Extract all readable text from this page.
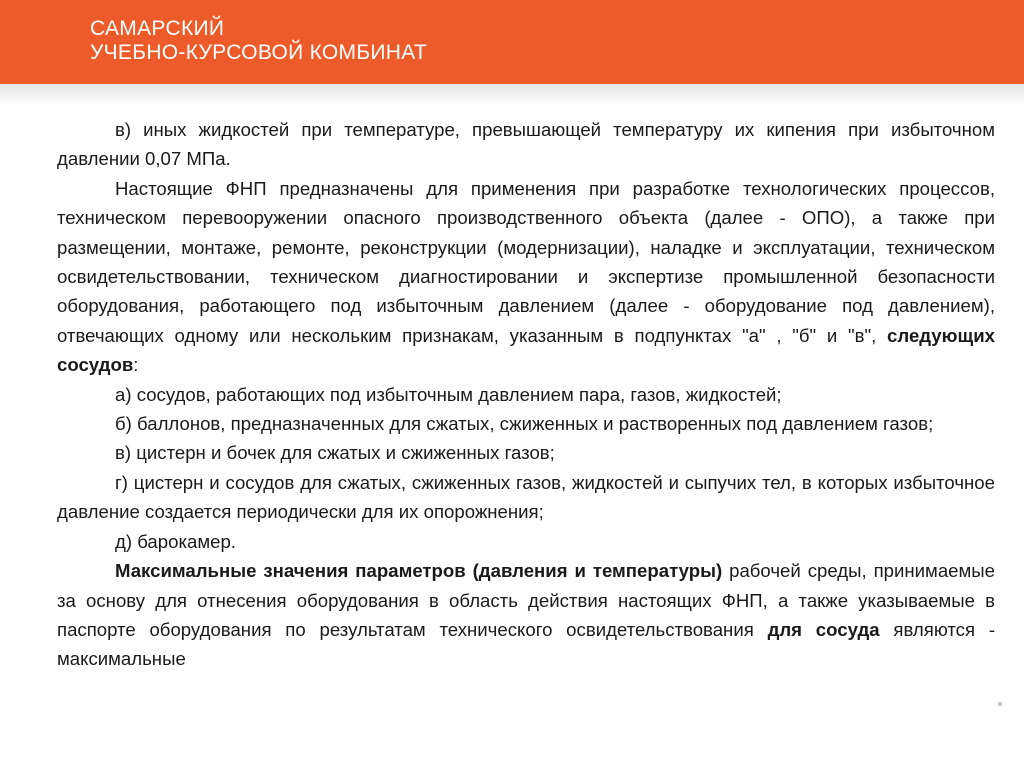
САМАРСКИЙ
УЧЕБНО-КУРСОВОЙ КОМБИНАТ

в) иных жидкостей при температуре, превышающей температуру их кипения при избыточном давлении 0,07 МПа.

Настоящие ФНП предназначены для применения при разработке технологических процессов, техническом перевооружении опасного производственного объекта (далее - ОПО), а также при размещении, монтаже, ремонте, реконструкции (модернизации), наладке и эксплуатации, техническом освидетельствовании, техническом диагностировании и экспертизе промышленной безопасности оборудования, работающего под избыточным давлением (далее - оборудование под давлением), отвечающих одному или нескольким признакам, указанным в подпунктах "а" , "б" и "в", следующих сосудов:

а) сосудов, работающих под избыточным давлением пара, газов, жидкостей;

б) баллонов, предназначенных для сжатых, сжиженных и растворенных под давлением газов;

в) цистерн и бочек для сжатых и сжиженных газов;

г) цистерн и сосудов для сжатых, сжиженных газов, жидкостей и сыпучих тел, в которых избыточное давление создается периодически для их опорожнения;

д) барокамер.

Максимальные значения параметров (давления и температуры) рабочей среды, принимаемые за основу для отнесения оборудования в область действия настоящих ФНП, а также указываемые в паспорте оборудования по результатам технического освидетельствования для сосуда являются - максимальные
